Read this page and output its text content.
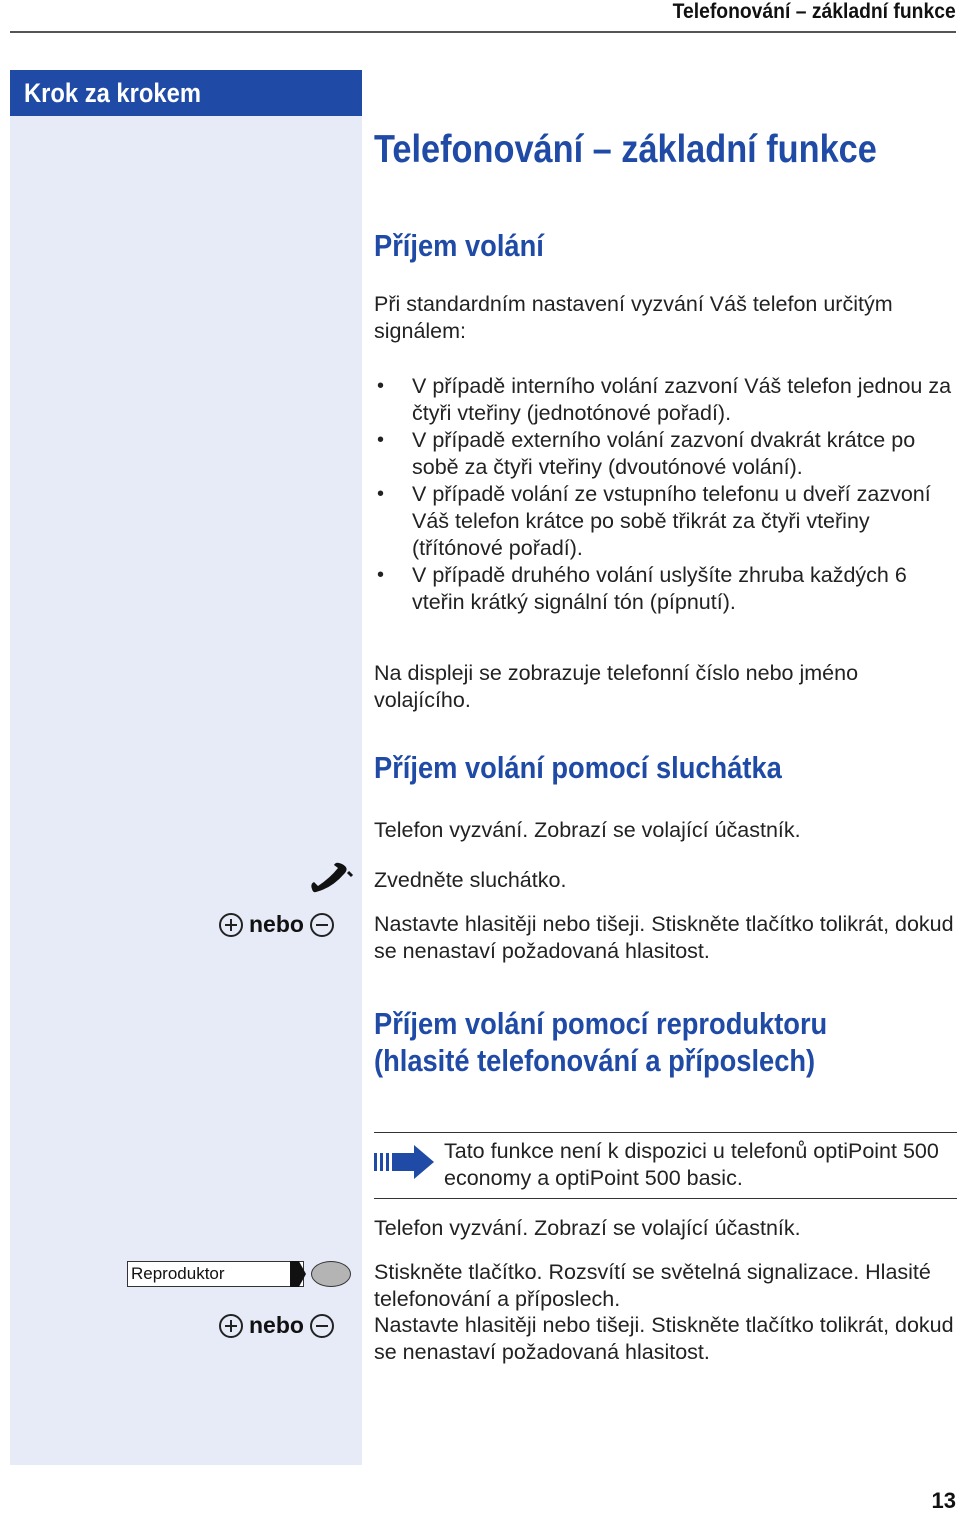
Telefonování – základní funkce
Krok za krokem
Telefonování – základní funkce
Příjem volání

Při standardním nastavení vyzvání Váš telefon určitým signálem:

• V případě interního volání zazvoní Váš telefon jednou za čtyři vteřiny (jednotónové pořadí).
• V případě externího volání zazvoní dvakrát krátce po sobě za čtyři vteřiny (dvoutónové volání).
• V případě volání ze vstupního telefonu u dveří zazvoní Váš telefon krátce po sobě třikrát za čtyři vteřiny (třítónové pořadí).
• V případě druhého volání uslyšíte zhruba každých 6 vteřin krátký signální tón (pípnutí).

Na displeji se zobrazuje telefonní číslo nebo jméno volajícího.

Příjem volání pomocí sluchátka
Telefon vyzvání. Zobrazí se volající účastník.
Zvedněte sluchátko.
nebo	Nastavte hlasitěji nebo tišeji. Stiskněte tlačítko tolikrát, dokud se nenastaví požadovaná hlasitost.

Příjem volání pomocí reproduktoru
(hlasité telefonování a příposlech)

Tato funkce není k dispozici u telefonů optiPoint 500 economy a optiPoint 500 basic.

Telefon vyzvání. Zobrazí se volající účastník.
Reproduktor	Stiskněte tlačítko. Rozsvítí se světelná signalizace. Hlasité telefonování a příposlech.

nebo	Nastavte hlasitěji nebo tišeji. Stiskněte tlačítko tolikrát, dokud se nenastaví požadovaná hlasitost.

13
